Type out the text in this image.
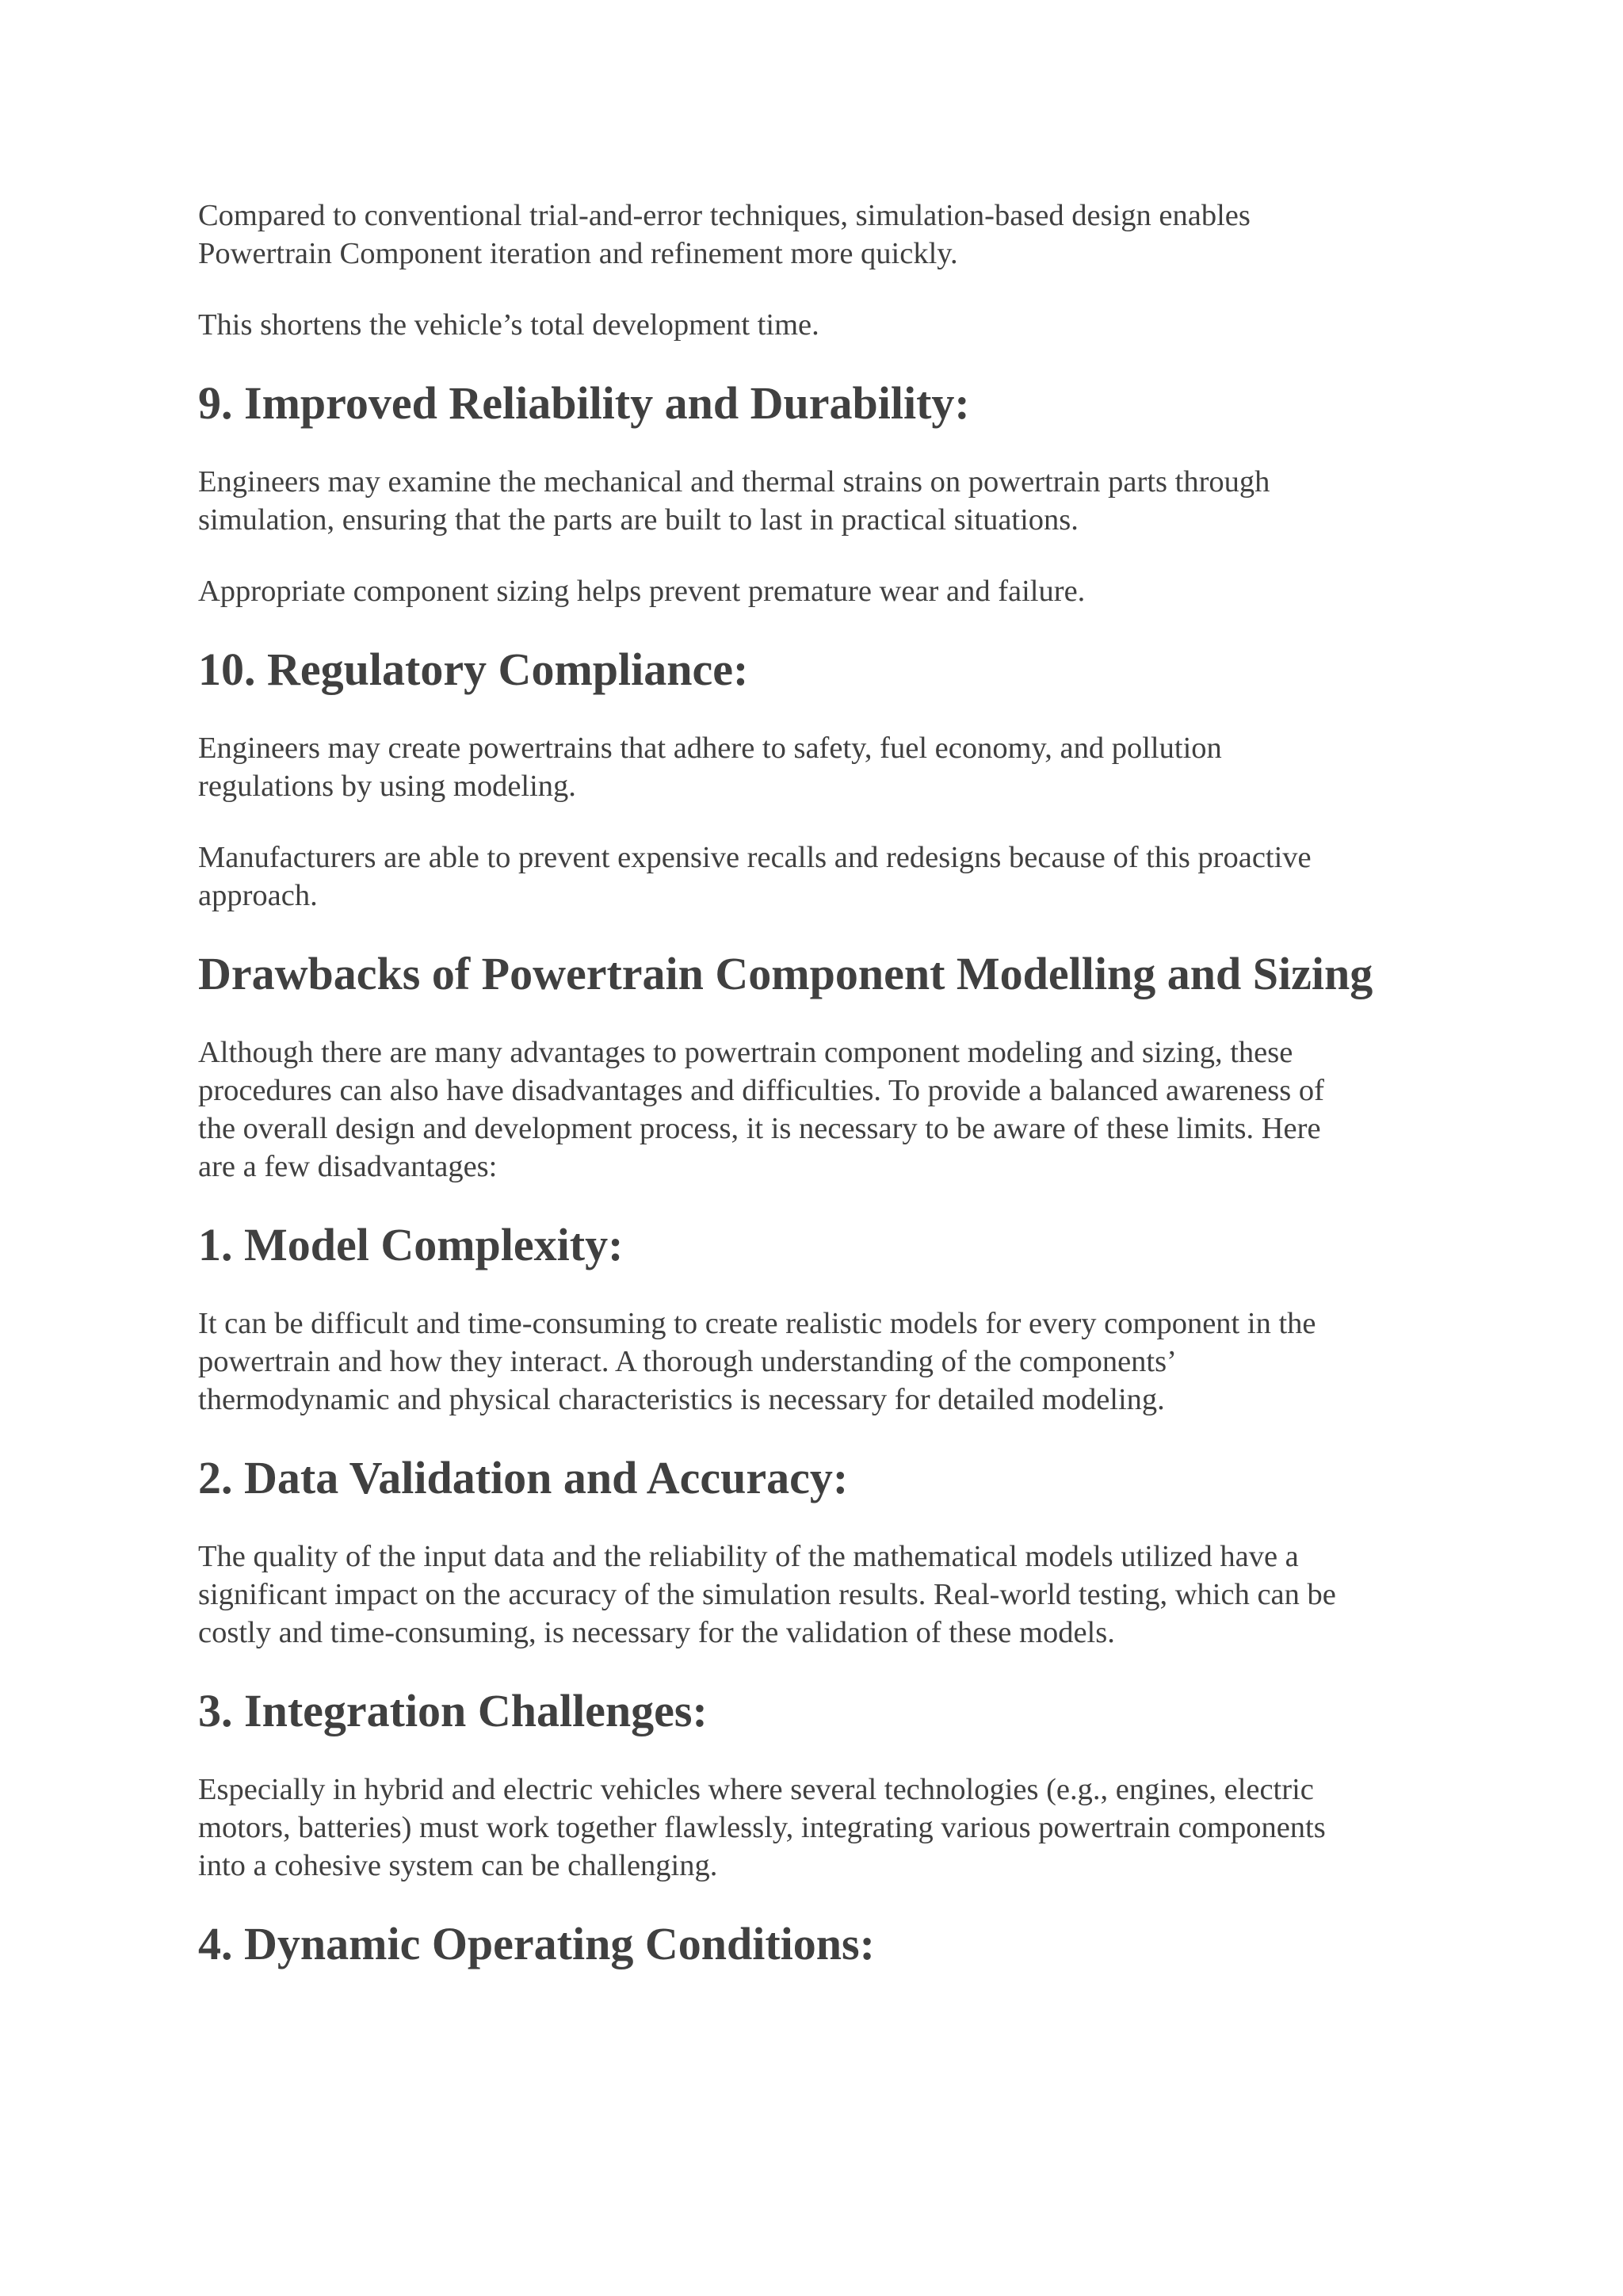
Compared to conventional trial-and-error techniques, simulation-based design enables
Powertrain Component iteration and refinement more quickly.

This shortens the vehicle’s total development time.

9. Improved Reliability and Durability:

Engineers may examine the mechanical and thermal strains on powertrain parts through
simulation, ensuring that the parts are built to last in practical situations.

Appropriate component sizing helps prevent premature wear and failure.

10. Regulatory Compliance:

Engineers may create powertrains that adhere to safety, fuel economy, and pollution
regulations by using modeling.

Manufacturers are able to prevent expensive recalls and redesigns because of this proactive
approach.

Drawbacks of Powertrain Component Modelling and Sizing

Although there are many advantages to powertrain component modeling and sizing, these
procedures can also have disadvantages and difficulties. To provide a balanced awareness of
the overall design and development process, it is necessary to be aware of these limits. Here
are a few disadvantages:

1. Model Complexity:

It can be difficult and time-consuming to create realistic models for every component in the
powertrain and how they interact. A thorough understanding of the components’
thermodynamic and physical characteristics is necessary for detailed modeling.

2. Data Validation and Accuracy:

The quality of the input data and the reliability of the mathematical models utilized have a
significant impact on the accuracy of the simulation results. Real-world testing, which can be
costly and time-consuming, is necessary for the validation of these models.

3. Integration Challenges:

Especially in hybrid and electric vehicles where several technologies (e.g., engines, electric
motors, batteries) must work together flawlessly, integrating various powertrain components
into a cohesive system can be challenging.

4. Dynamic Operating Conditions:
